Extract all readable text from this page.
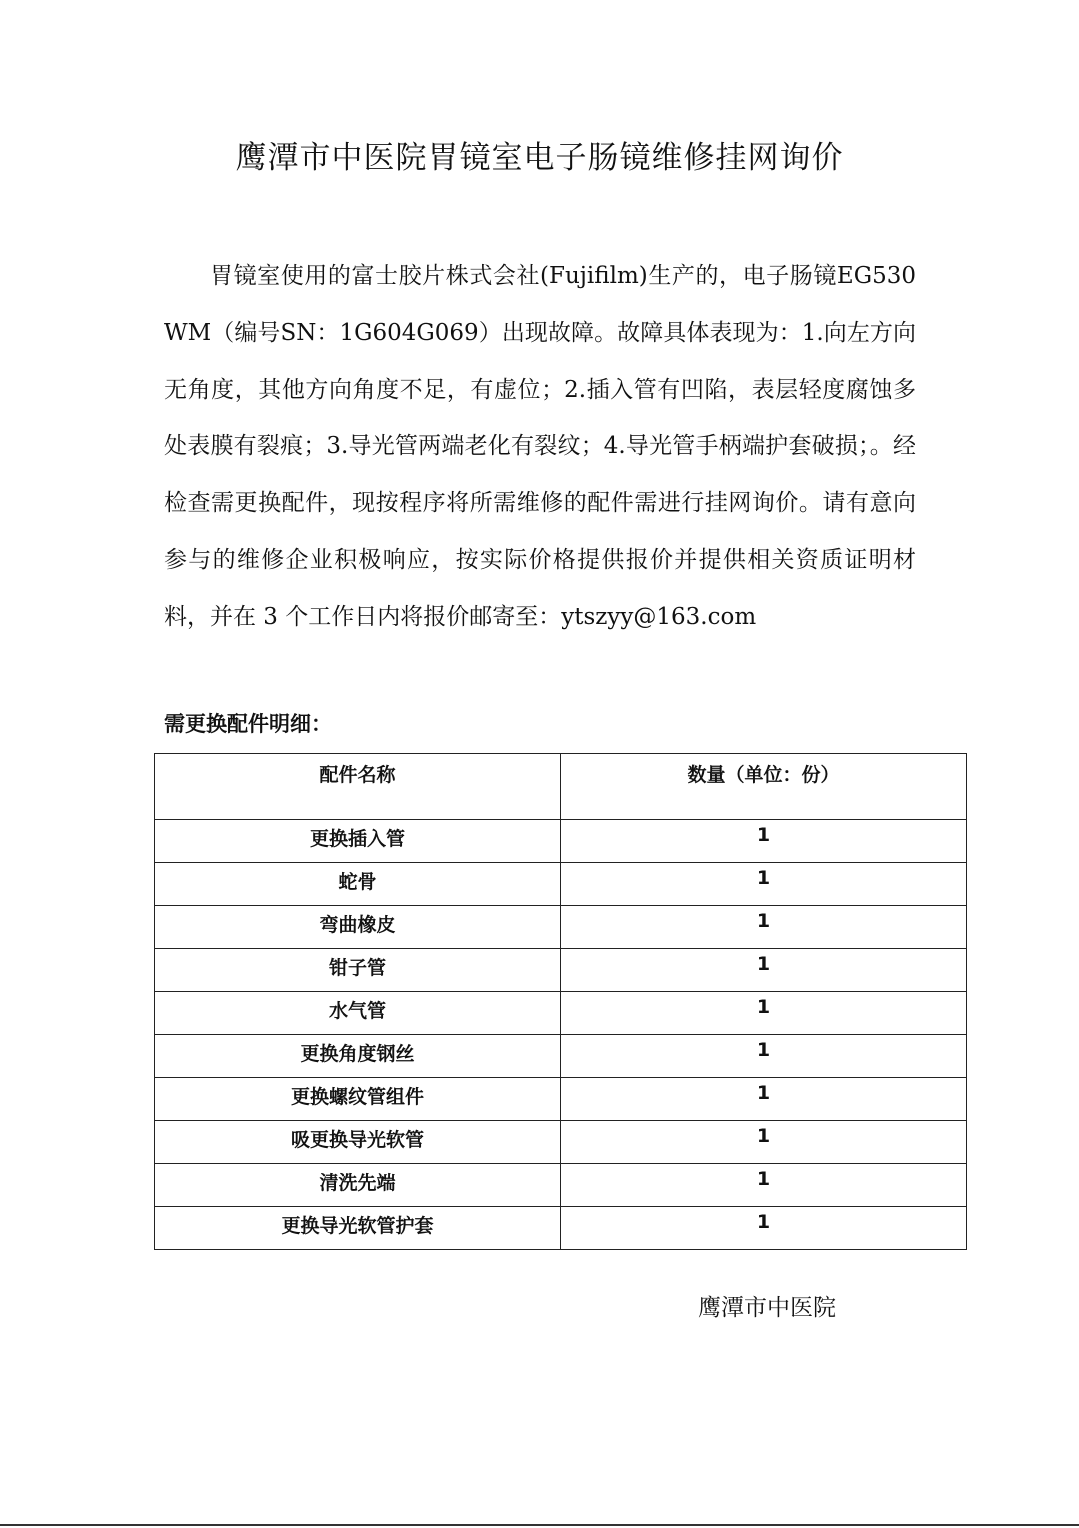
鹰潭市中医院胃镜室电子肠镜维修挂网询价

胃镜室使用的富士胶片株式会社(Fujifilm)生产的，电子肠镜EG530WM（编号SN：1G604G069）出现故障。故障具体表现为：1.向左方向无角度，其他方向角度不足，有虚位；2.插入管有凹陷，表层轻度腐蚀多处表膜有裂痕；3.导光管两端老化有裂纹；4.导光管手柄端护套破损；。经检查需更换配件，现按程序将所需维修的配件需进行挂网询价。请有意向参与的维修企业积极响应，按实际价格提供报价并提供相关资质证明材料，并在 3 个工作日内将报价邮寄至：ytszyy@163.com

需更换配件明细：

配件名称	数量（单位：份）
更换插入管	1
蛇骨	1
弯曲橡皮	1
钳子管	1
水气管	1
更换角度钢丝	1
更换螺纹管组件	1
吸更换导光软管	1
清洗先端	1
更换导光软管护套	1

鹰潭市中医院
